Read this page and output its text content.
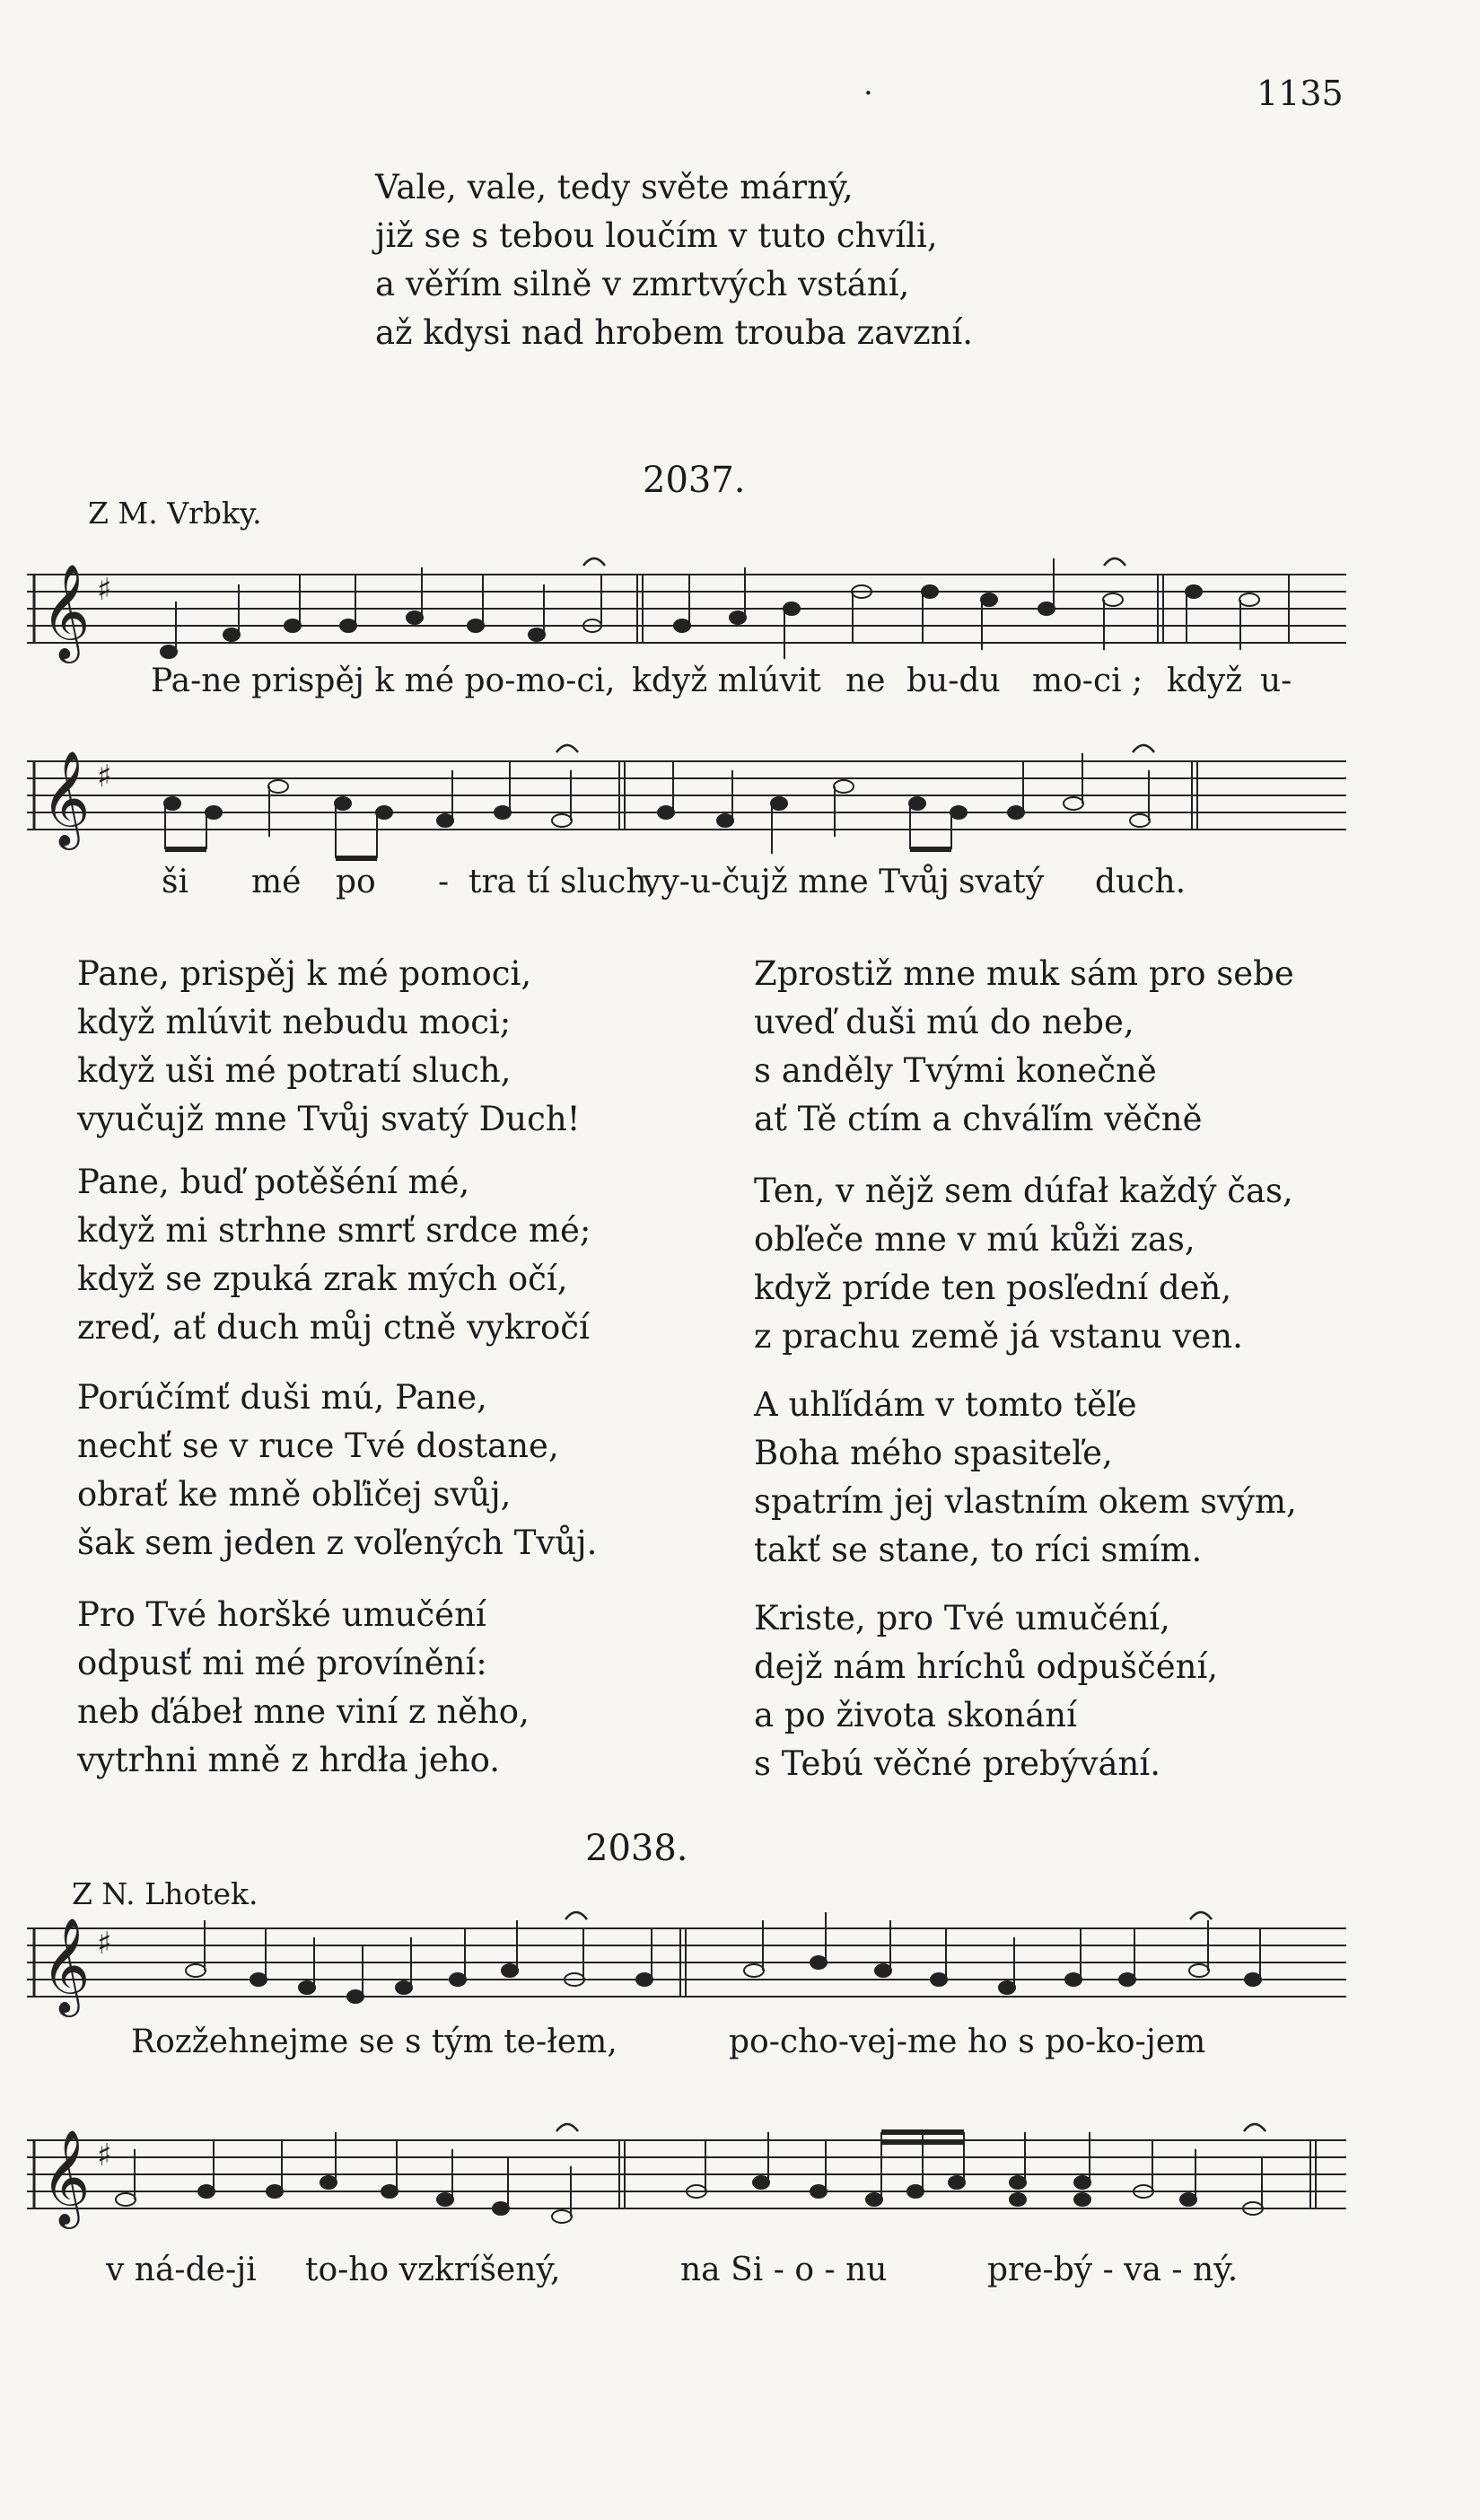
·	1135
Vale, vale, tedy světe márný,
již se s tebou loučím v tuto chvíli,
a věřím silně v zmrtvých vstání,
až kdysi nad hrobem trouba zavzní.
2037.
Z M. Vrbky.
𝄞
𝄞
𝄞
𝄞
♯
♯
♯
♯
Pa-ne prispěj k mé po-mo-ci, když mlúvit ne bu-du mo-ci ; když u-
ši mé po - tra tí sluch,
vy-u-čujž mne Tvůj svatý duch.
Pane, prispěj k mé pomoci,
když mlúvit nebudu moci;
když uši mé potratí sluch,
vyučujž mne Tvůj svatý Duch!
Pane, buď potěšéní mé,
když mi strhne smrť srdce mé;
když se zpuká zrak mých očí,
zreď, ať duch můj ctně vykročí
Porúčímť duši mú, Pane,
nechť se v ruce Tvé dostane,
obrať ke mně obľičej svůj,
šak sem jeden z voľených Tvůj.
Pro Tvé horšké umučéní
odpusť mi mé provínění:
neb ďábeł mne viní z něho,
vytrhni mně z hrdła jeho.
Zprostiž mne muk sám pro sebe
uveď duši mú do nebe,
s anděly Tvými konečně
ať Tě ctím a chváľím věčně
Ten, v nějž sem dúfał každý čas,
obľeče mne v mú kůži zas,
když príde ten posľední deň,
z prachu země já vstanu ven.
A uhľídám v tomto těľe
Boha mého spasiteľe,
spatrím jej vlastním okem svým,
takť se stane, to ríci smím.
Kriste, pro Tvé umučéní,
dejž nám hríchů odpuščéní,
a po života skonání
s Tebú věčné prebývání.
2038.
Z N. Lhotek.
Rozžehnejme se s tým te-łem,	po-cho-vej-me ho s po-ko-jem
v ná-de-ji to-ho vzkríšený,	na Si - o - nu	pre-bý - va - ný.
